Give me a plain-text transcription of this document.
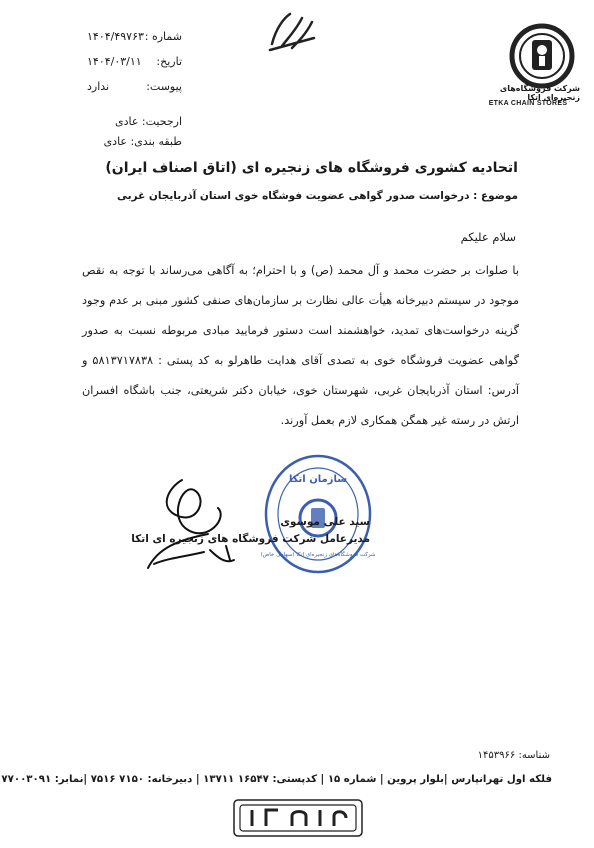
شرکت فروشگاه‌های زنجیره‌ای اتکا
ETKA CHAIN STORES
باسمه تعالی
شماره :۱۴۰۴/۴۹۷۶۳
تاریخ:۱۴۰۴/۰۳/۱۱
پیوست:ندارد
ارجحیت: عادی
طبقه بندی: عادی
اتحادیه کشوری فروشگاه های زنجیره ای (اتاق اصناف ایران)
موضوع : درخواست صدور گواهی عضویت فوشگاه خوی استان آذربایجان غربی
سلام علیکم
با صلوات بر حضرت محمد و آل محمد (ص) و با احترام؛ به آگاهی می‌رساند با توجه به نقص موجود در سیستم دبیرخانه هیأت عالی نظارت بر سازمان‌های صنفی کشور مبنی بر عدم وجود گزینه درخواست‌های تمدید، خواهشمند است دستور فرمایید مبادی مربوطه نسبت به صدور گواهی عضویت فروشگاه خوی به تصدی آقای هدایت طاهرلو به کد پستی : ۵۸۱۳۷۱۷۸۳۸ و آدرس: استان آذربایجان غربی، شهرستان خوی، خیابان دکتر شریعتی، جنب باشگاه افسران ارتش در رسته غیر همگن همکاری لازم بعمل آورند.
سازمان اتکا
شرکت فروشگاه‌های زنجیره‌ای اتکا (سهامی خاص)
سید علی موسوی
مدیرعامل شرکت فروشگاه های زنجیره ای اتکا
شناسه: ۱۴۵۳۹۶۶
فلکه اول تهرانپارس |بلوار پروین | شماره ۱۵ | کدپستی: ۱۶۵۴۷ ۱۳۷۱۱ | دبیرخانه: ۷۱۵۰ ۷۵۱۶ |نمابر: ۷۷۰۰۳۰۹۱
